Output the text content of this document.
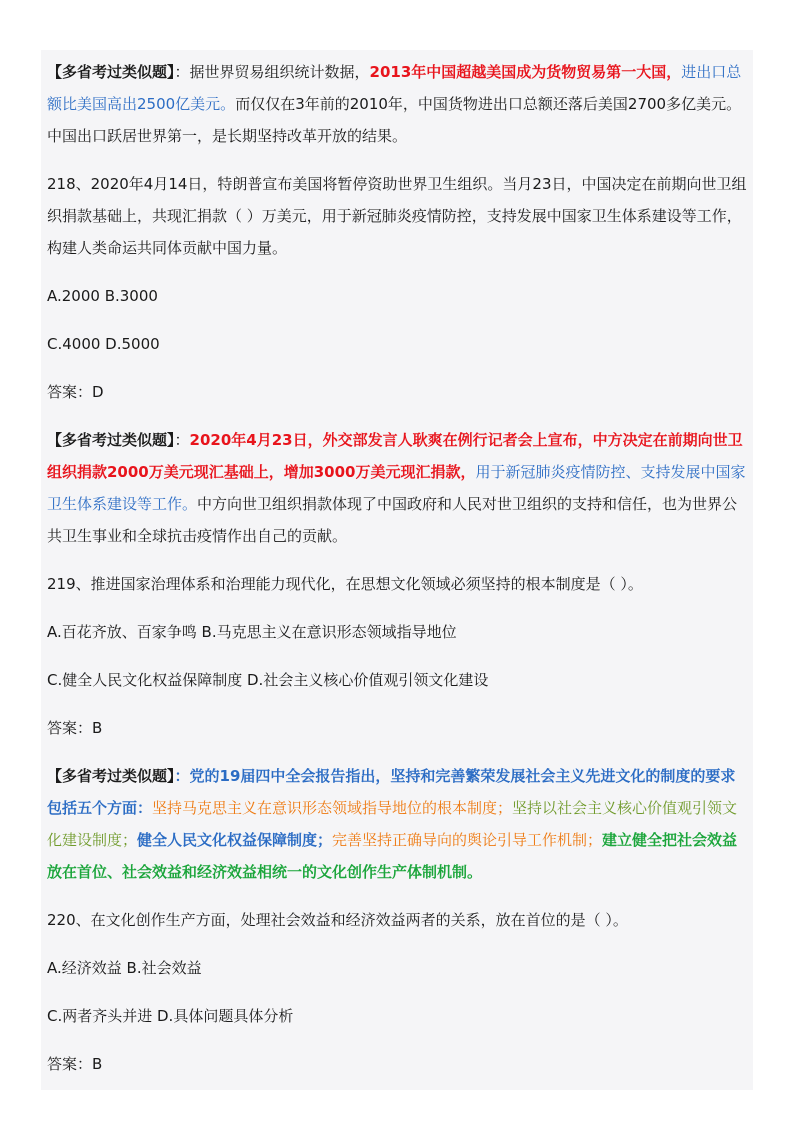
【多省考过类似题】：据世界贸易组织统计数据，2013年中国超越美国成为货物贸易第一大国，进出口总额比美国高出2500亿美元。而仅仅在3年前的2010年，中国货物进出口总额还落后美国2700多亿美元。中国出口跃居世界第一，是长期坚持改革开放的结果。

218、2020年4月14日，特朗普宣布美国将暂停资助世界卫生组织。当月23日，中国决定在前期向世卫组织捐款基础上，共现汇捐款（ ）万美元，用于新冠肺炎疫情防控，支持发展中国家卫生体系建设等工作，构建人类命运共同体贡献中国力量。

A.2000 B.3000

C.4000 D.5000

答案：D

【多省考过类似题】：2020年4月23日，外交部发言人耿爽在例行记者会上宣布，中方决定在前期向世卫组织捐款2000万美元现汇基础上，增加3000万美元现汇捐款，用于新冠肺炎疫情防控、支持发展中国家卫生体系建设等工作。中方向世卫组织捐款体现了中国政府和人民对世卫组织的支持和信任，也为世界公共卫生事业和全球抗击疫情作出自己的贡献。

219、推进国家治理体系和治理能力现代化，在思想文化领域必须坚持的根本制度是（ ）。

A.百花齐放、百家争鸣 B.马克思主义在意识形态领域指导地位

C.健全人民文化权益保障制度 D.社会主义核心价值观引领文化建设

答案：B

【多省考过类似题】：党的19届四中全会报告指出，坚持和完善繁荣发展社会主义先进文化的制度的要求包括五个方面：坚持马克思主义在意识形态领域指导地位的根本制度；坚持以社会主义核心价值观引领文化建设制度；健全人民文化权益保障制度；完善坚持正确导向的舆论引导工作机制；建立健全把社会效益放在首位、社会效益和经济效益相统一的文化创作生产体制机制。

220、在文化创作生产方面，处理社会效益和经济效益两者的关系，放在首位的是（ ）。

A.经济效益 B.社会效益

C.两者齐头并进 D.具体问题具体分析

答案：B
